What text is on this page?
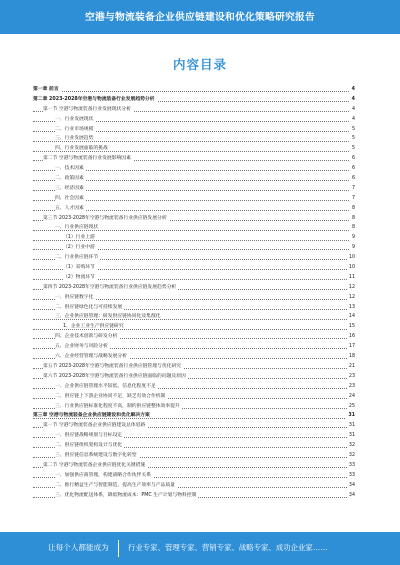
空港与物流装备企业供应链建设和优化策略研究报告
内容目录
第一章 前言	4
第二章 2023-2028年空港与物流装备行业发展趋势分析	4
第一节 空港与物流装备行业发展现状分析	4
一、行业发展现状	4
二、行业市场规模	5
三、行业发展趋势	5
四、行业发展面临的挑战	5
第二节 空港与物流装备行业发展影响因素	6
一、技术因素	6
二、政策因素	6
三、经济因素	7
四、社会因素	7
五、人才因素	8
第三节 2023-2028年空港与物流装备行业供应链发展分析	8
一、行业供应链现状	8
（1）行业上游	9
（2）行业中游	9
二、行业供应链环节	10
（1）采购环节	10
（2）物流环节	11
第四节 2023-2028年空港与物流装备行业供应链发展趋势分析	12
一、供应链数字化	12
二、供应链绿色化与可持续发展	13
三、企业供应链管理：研发供应链协同化及集群化	14
1、企业工业生产供应链研究	15
四、企业技术创新与研发分析	16
五、企业财务与风险分析	17
六、企业经营管理与战略发展分析	18
第五节 2023-2028年空港与物流装备行业供应链管理与优化研究	21
第六节 2023-2028年空港与物流装备行业供应链面临的问题及原因	23
一、企业供应链管理水平较低，信息化程度不足	23
二、供应链上下游企业协同不足，缺乏有效合作机制	24
三、行业供应链标准化程度不高，制约供应链整体效率提升	25
第三章 空港与物流装备企业供应链建设和优化解决方案	31
第一节 空港与物流装备企业供应链建设总体思路	31
一、供应链战略规划与目标设定	31
二、供应链组织架构设计与优化	32
三、供应链信息系统建设与数字化转型	32
第二节 空港与物流装备企业供应链优化关键措施	33
一、加强供应商管理，构建战略合作伙伴关系	33
二、推行精益生产与智能制造，提高生产效率与产品质量	34
三、优化物流配送体系，降低物流成本：PMC 生产计划与物料控制	34
让每个人都能成为	行业专家、管理专家、营销专家、战略专家、成功企业家……
